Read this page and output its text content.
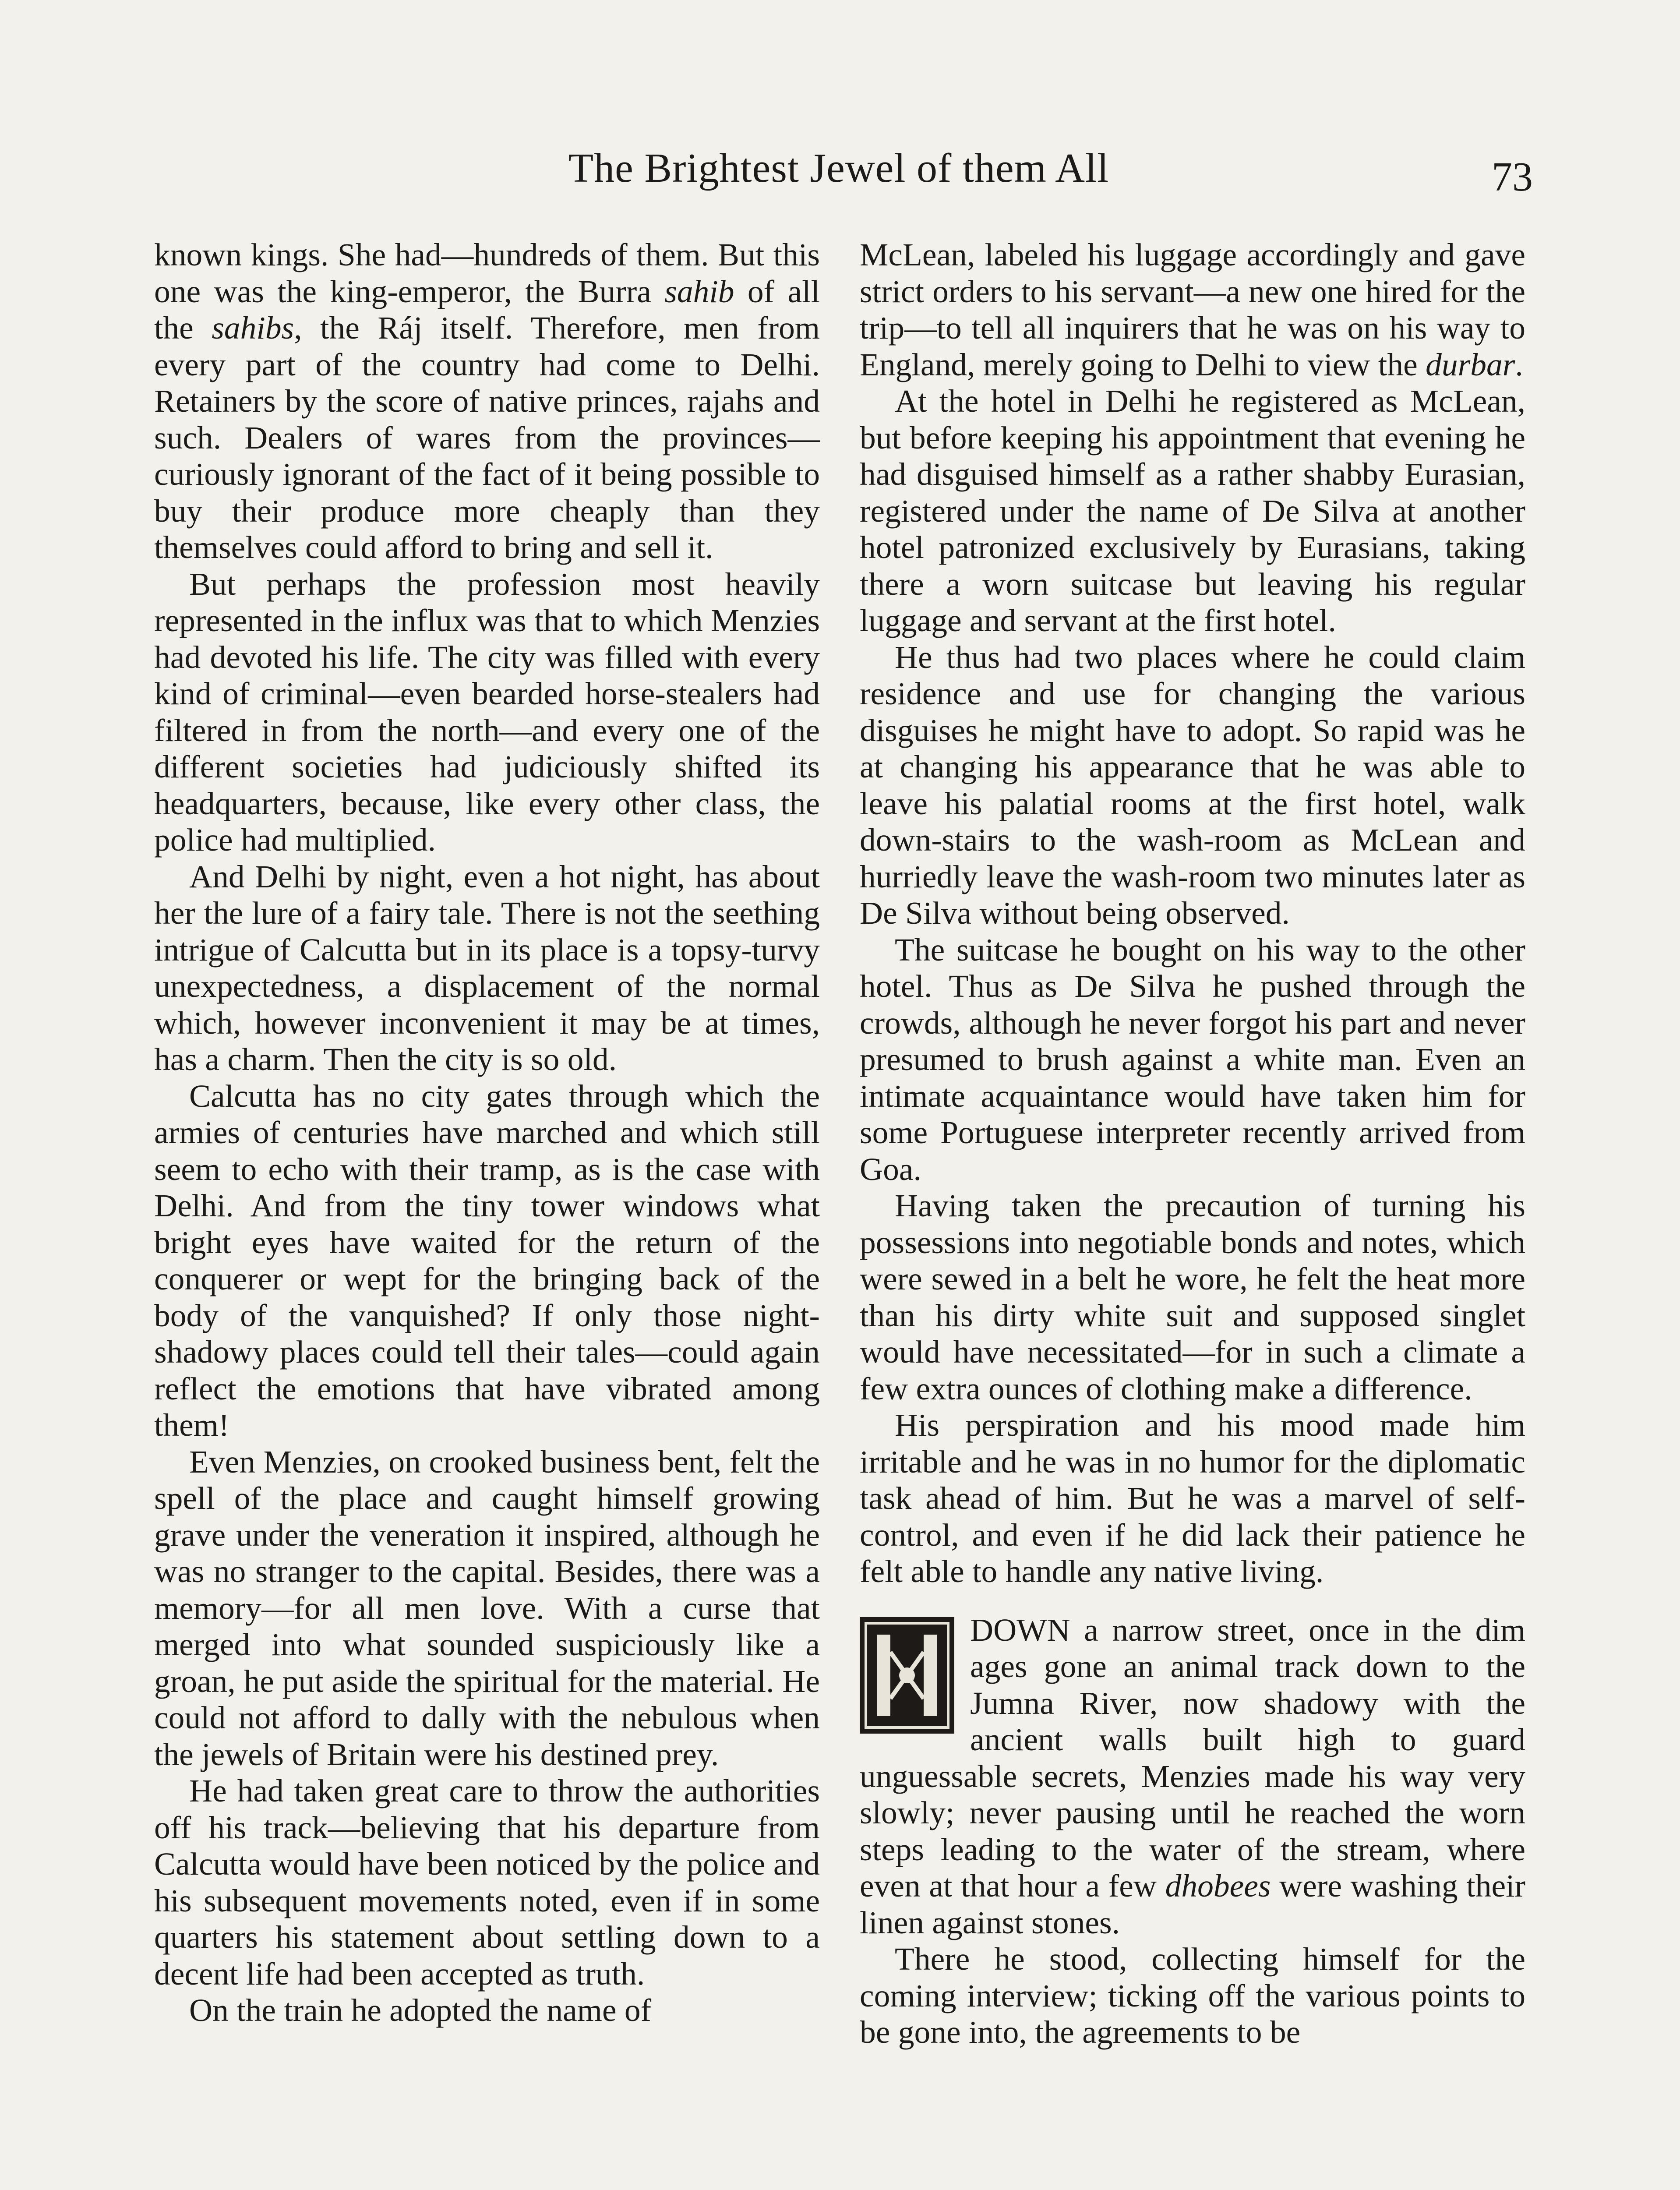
The Brightest Jewel of them All	73

known kings. She had—hundreds of them. But this one was the king-emperor, the Burra sahib of all the sahibs, the Ráj itself. Therefore, men from every part of the country had come to Delhi. Retainers by the score of native princes, rajahs and such. Dealers of wares from the provinces—curiously ignorant of the fact of it being possible to buy their produce more cheaply than they themselves could afford to bring and sell it.

But perhaps the profession most heavily represented in the influx was that to which Menzies had devoted his life. The city was filled with every kind of criminal—even bearded horse-stealers had filtered in from the north—and every one of the different societies had judiciously shifted its headquarters, because, like every other class, the police had multiplied.

And Delhi by night, even a hot night, has about her the lure of a fairy tale. There is not the seething intrigue of Calcutta but in its place is a topsy-turvy unexpectedness, a displacement of the normal which, however inconvenient it may be at times, has a charm. Then the city is so old.

Calcutta has no city gates through which the armies of centuries have marched and which still seem to echo with their tramp, as is the case with Delhi. And from the tiny tower windows what bright eyes have waited for the return of the conquerer or wept for the bringing back of the body of the vanquished? If only those night-shadowy places could tell their tales—could again reflect the emotions that have vibrated among them!

Even Menzies, on crooked business bent, felt the spell of the place and caught himself growing grave under the veneration it inspired, although he was no stranger to the capital. Besides, there was a memory—for all men love. With a curse that merged into what sounded suspiciously like a groan, he put aside the spiritual for the material. He could not afford to dally with the nebulous when the jewels of Britain were his destined prey.

He had taken great care to throw the authorities off his track—believing that his departure from Calcutta would have been noticed by the police and his subsequent movements noted, even if in some quarters his statement about settling down to a decent life had been accepted as truth.

On the train he adopted the name of

McLean, labeled his luggage accordingly and gave strict orders to his servant—a new one hired for the trip—to tell all inquirers that he was on his way to England, merely going to Delhi to view the durbar.

At the hotel in Delhi he registered as McLean, but before keeping his appointment that evening he had disguised himself as a rather shabby Eurasian, registered under the name of De Silva at another hotel patronized exclusively by Eurasians, taking there a worn suitcase but leaving his regular luggage and servant at the first hotel.

He thus had two places where he could claim residence and use for changing the various disguises he might have to adopt. So rapid was he at changing his appearance that he was able to leave his palatial rooms at the first hotel, walk down-stairs to the wash-room as McLean and hurriedly leave the wash-room two minutes later as De Silva without being observed.

The suitcase he bought on his way to the other hotel. Thus as De Silva he pushed through the crowds, although he never forgot his part and never presumed to brush against a white man. Even an intimate acquaintance would have taken him for some Portuguese interpreter recently arrived from Goa.

Having taken the precaution of turning his possessions into negotiable bonds and notes, which were sewed in a belt he wore, he felt the heat more than his dirty white suit and supposed singlet would have necessitated—for in such a climate a few extra ounces of clothing make a difference.

His perspiration and his mood made him irritable and he was in no humor for the diplomatic task ahead of him. But he was a marvel of self-control, and even if he did lack their patience he felt able to handle any native living.

DOWN a narrow street, once in the dim ages gone an animal track down to the Jumna River, now shadowy with the ancient walls built high to guard unguessable secrets, Menzies made his way very slowly; never pausing until he reached the worn steps leading to the water of the stream, where even at that hour a few dhobees were washing their linen against stones.

There he stood, collecting himself for the coming interview; ticking off the various points to be gone into, the agreements to be
